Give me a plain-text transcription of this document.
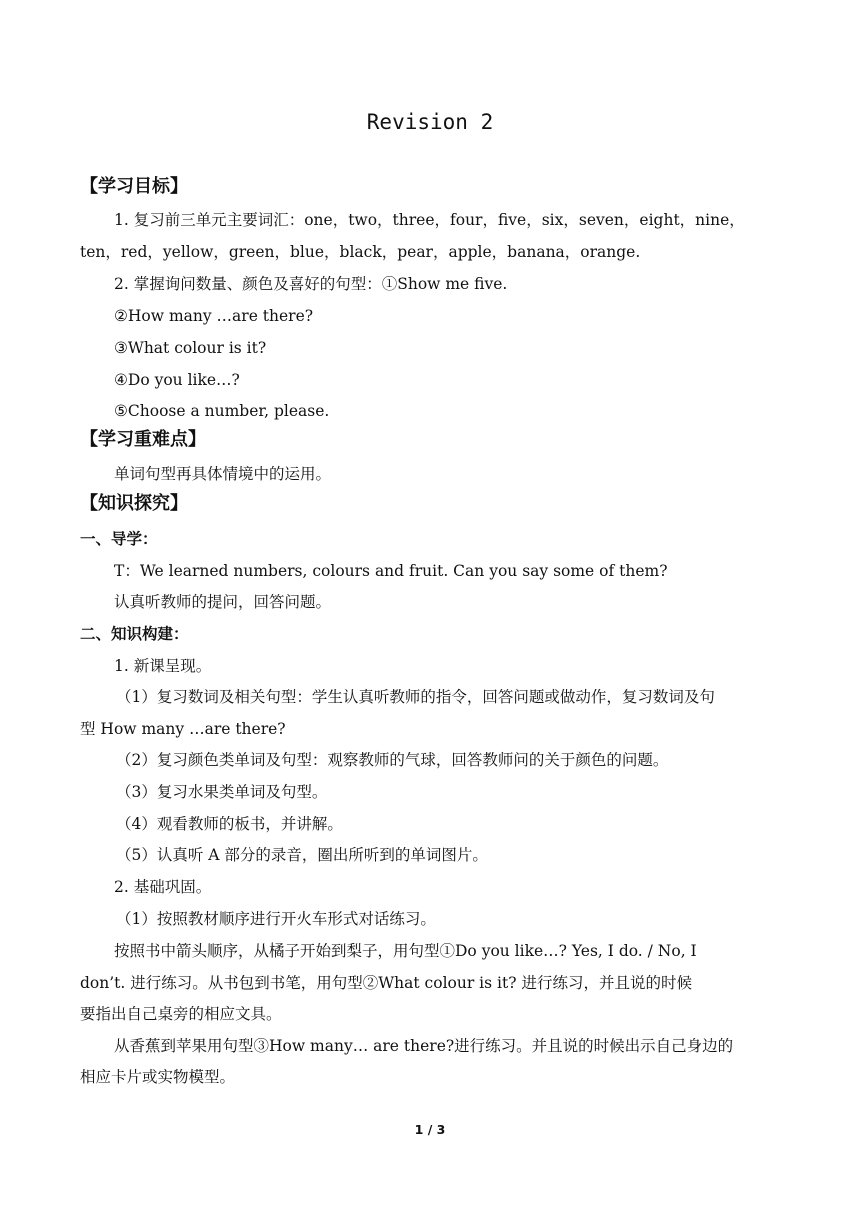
Revision 2
【学习目标】
1. 复习前三单元主要词汇：one，two，three，four，five，six，seven，eight，nine，
ten，red，yellow，green，blue，black，pear，apple，banana，orange.
2. 掌握询问数量、颜色及喜好的句型：①Show me five.
②How many …are there?
③What colour is it?
④Do you like…?
⑤Choose a number, please.
【学习重难点】
单词句型再具体情境中的运用。
【知识探究】
一、导学：
T：We learned numbers, colours and fruit. Can you say some of them?
认真听教师的提问，回答问题。
二、知识构建：
1. 新课呈现。
（1）复习数词及相关句型：学生认真听教师的指令，回答问题或做动作，复习数词及句
型 How many …are there?
（2）复习颜色类单词及句型：观察教师的气球，回答教师问的关于颜色的问题。
（3）复习水果类单词及句型。
（4）观看教师的板书，并讲解。
（5）认真听 A 部分的录音，圈出所听到的单词图片。
2. 基础巩固。
（1）按照教材顺序进行开火车形式对话练习。
按照书中箭头顺序，从橘子开始到梨子，用句型①Do you like…? Yes, I do. / No, I
don’t. 进行练习。从书包到书笔，用句型②What colour is it? 进行练习，并且说的时候
要指出自己桌旁的相应文具。
从香蕉到苹果用句型③How many… are there?进行练习。并且说的时候出示自己身边的
相应卡片或实物模型。
1 / 3
